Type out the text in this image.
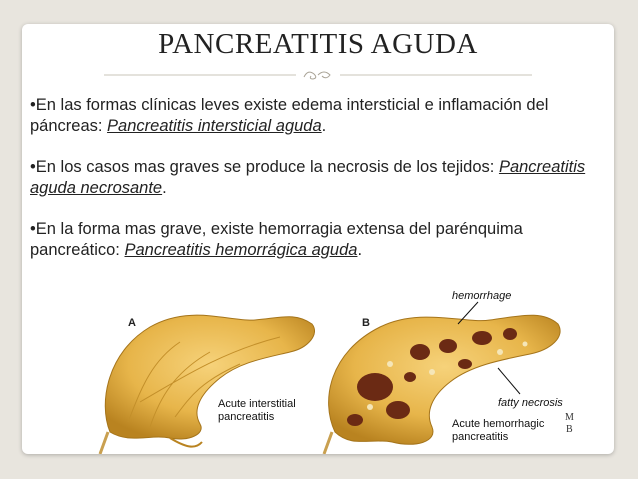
PANCREATITIS AGUDA
•En las formas clínicas leves existe edema intersticial e inflamación del páncreas: Pancreatitis intersticial aguda.
•En los casos mas graves se produce la necrosis de los tejidos: Pancreatitis aguda necrosante.
•En la forma mas grave, existe hemorragia extensa del parénquima pancreático: Pancreatitis hemorrágica aguda.
A
Acute interstitial
pancreatitis
B
hemorrhage
fatty necrosis
Acute hemorrhagic
pancreatitis
M
B
